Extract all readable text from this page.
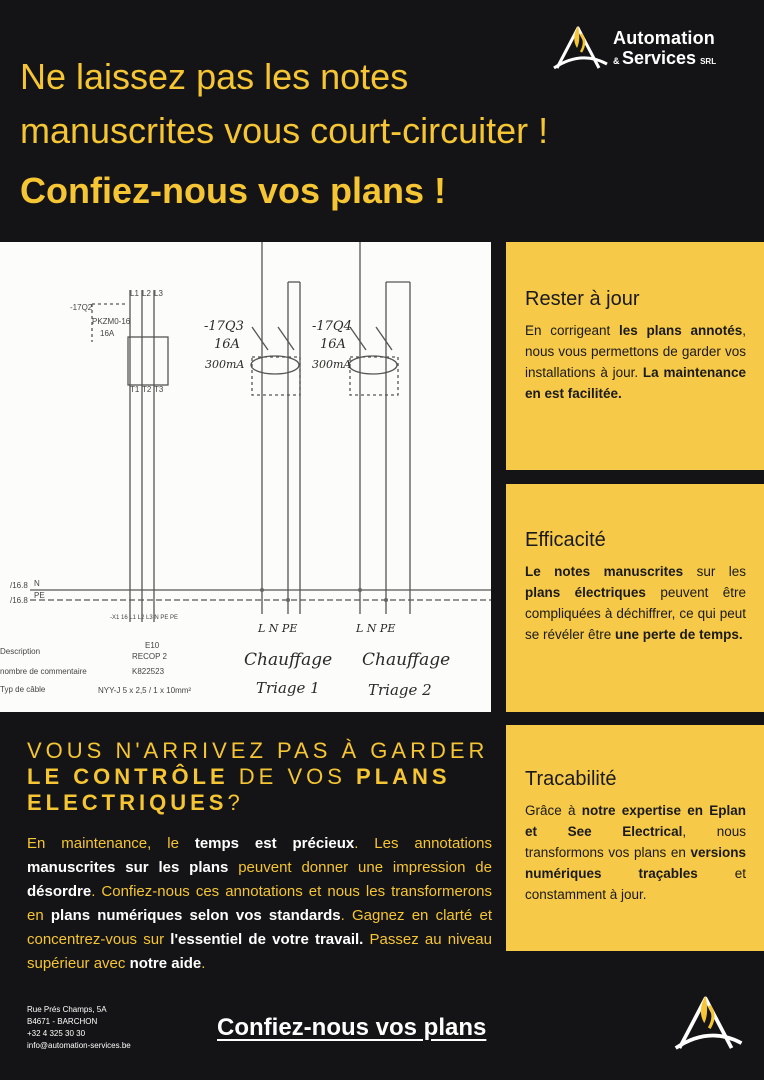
Automation
& Services SRL
Ne laissez pas les notes
manuscrites vous court-circuiter !
Confiez-nous vos plans !
-17Q2
PKZM0-16
16A
L1 L2 L3
T1 T2 T3
/16.8
/16.8
N
PE
-X1 16 L1 L2 L3 N PE PE
E10
RECOP 2
K822523
NYY-J 5 x 2,5 / 1 x 10mm²
Description
nombre de commentaire
Typ de câble
-17Q3
16A
300mA
-17Q4
16A
300mA
L N PE	L N PE
Chauffage
Triage 1
Chauffage
Triage 2
Rester à jour

En corrigeant les plans annotés, nous vous permettons de garder vos installations à jour. La maintenance en est facilitée.

Efficacité

Le notes manuscrites sur les plans électriques peuvent être compliquées à déchiffrer, ce qui peut se révéler être une perte de temps.

Tracabilité

Grâce à notre expertise en Eplan et See Electrical, nous transformons vos plans en versions numériques traçables et constamment à jour.

VOUS N'ARRIVEZ PAS À GARDER LE CONTRÔLE DE VOS PLANS ELECTRIQUES?
En maintenance, le temps est précieux. Les annotations manuscrites sur les plans peuvent donner une impression de désordre. Confiez-nous ces annotations et nous les transformerons en plans numériques selon vos standards. Gagnez en clarté et concentrez-vous sur l'essentiel de votre travail. Passez au niveau supérieur avec notre aide.
Rue Prés Champs, 5A
B4671 - BARCHON
+32 4 325 30 30
info@automation-services.be
Confiez-nous vos plans
